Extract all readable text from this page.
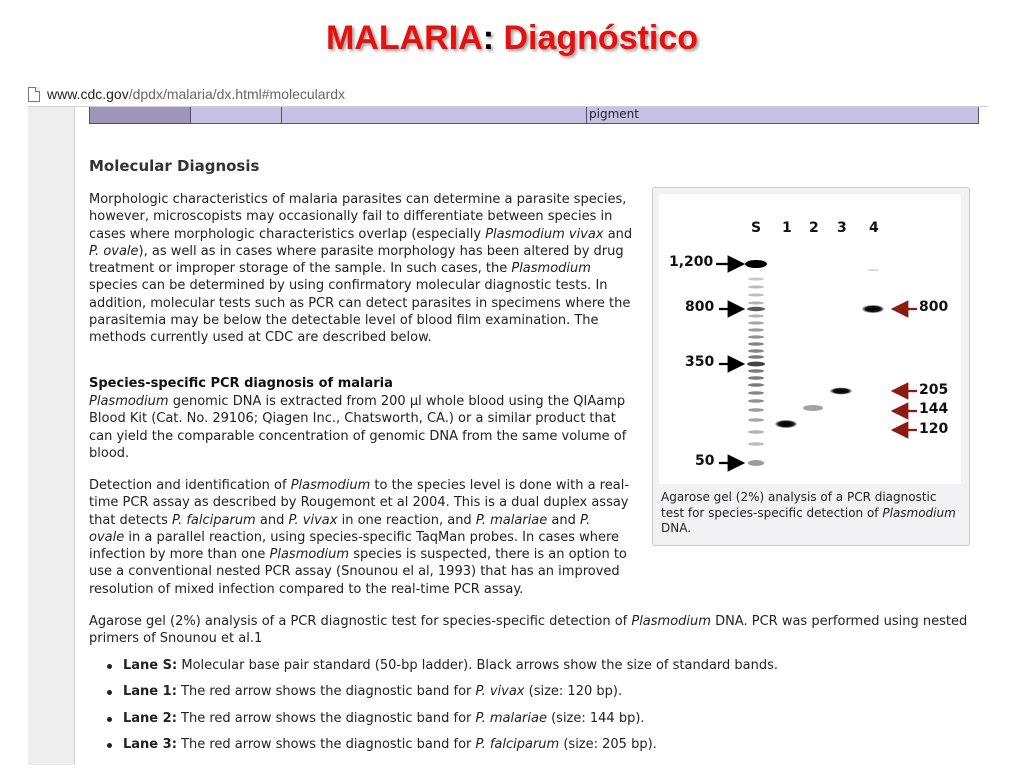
MALARIA: Diagnóstico
www.cdc.gov /dpdx/malaria/dx.html#moleculardx
pigment
Molecular Diagnosis
Morphologic characteristics of malaria parasites can determine a parasite species, however, microscopists may occasionally fail to differentiate between species in cases where morphologic characteristics overlap (especially Plasmodium vivax and P. ovale), as well as in cases where parasite morphology has been altered by drug treatment or improper storage of the sample. In such cases, the Plasmodium species can be determined by using confirmatory molecular diagnostic tests. In addition, molecular tests such as PCR can detect parasites in specimens where the parasitemia may be below the detectable level of blood film examination. The methods currently used at CDC are described below.
Species-specific PCR diagnosis of malaria
Plasmodium genomic DNA is extracted from 200 µl whole blood using the QIAamp Blood Kit (Cat. No. 29106; Qiagen Inc., Chatsworth, CA.) or a similar product that can yield the comparable concentration of genomic DNA from the same volume of blood.
Detection and identification of Plasmodium to the species level is done with a real-time PCR assay as described by Rougemont et al 2004. This is a dual duplex assay that detects P. falciparum and P. vivax in one reaction, and P. malariae and P. ovale in a parallel reaction, using species-specific TaqMan probes. In cases where infection by more than one Plasmodium species is suspected, there is an option to use a conventional nested PCR assay (Snounou el al, 1993) that has an improved resolution of mixed infection compared to the real-time PCR assay.
Agarose gel (2%) analysis of a PCR diagnostic test for species-specific detection of Plasmodium DNA. PCR was performed using nested primers of Snounou et al.1
Lane S: Molecular base pair standard (50-bp ladder). Black arrows show the size of standard bands.
Lane 1: The red arrow shows the diagnostic band for P. vivax (size: 120 bp).
Lane 2: The red arrow shows the diagnostic band for P. malariae (size: 144 bp).
Lane 3: The red arrow shows the diagnostic band for P. falciparum (size: 205 bp).
S 1 2 3 4
1,200
800
350
50
800
205
144
120
Agarose gel (2%) analysis of a PCR diagnostic test for species-specific detection of Plasmodium DNA.
